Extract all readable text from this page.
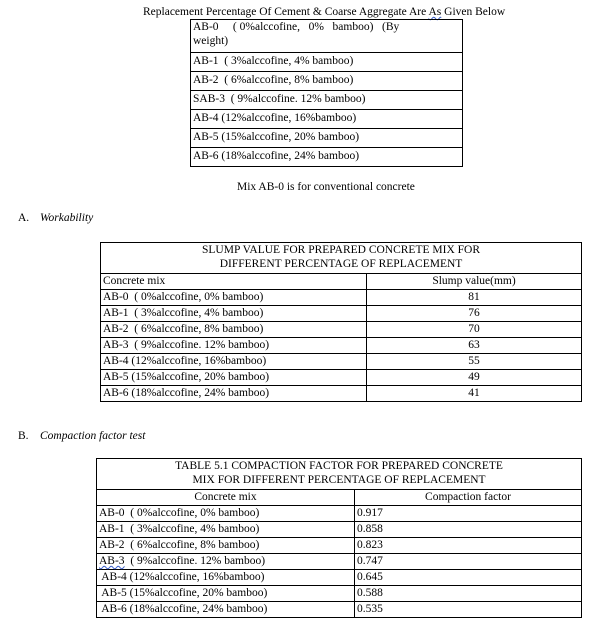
Replacement Percentage Of Cement & Coarse Aggregate Are As Given Below
AB-0     ( 0%alccofine,   0%   bamboo)   (By
weight)
AB-1  ( 3%alccofine, 4% bamboo)
AB-2  ( 6%alccofine, 8% bamboo)
SAB-3  ( 9%alccofine. 12% bamboo)
AB-4 (12%alccofine, 16%bamboo)
AB-5 (15%alccofine, 20% bamboo)
AB-6 (18%alccofine, 24% bamboo)
Mix AB-0 is for conventional concrete
A. Workability
SLUMP VALUE FOR PREPARED CONCRETE MIX FOR
DIFFERENT PERCENTAGE OF REPLACEMENT	
Concrete mix	Slump value(mm)
AB-0  ( 0%alccofine, 0% bamboo)	81
AB-1  ( 3%alccofine, 4% bamboo)	76
AB-2  ( 6%alccofine, 8% bamboo)	70
AB-3  ( 9%alccofine. 12% bamboo)	63
AB-4 (12%alccofine, 16%bamboo)	55
AB-5 (15%alccofine, 20% bamboo)	49
AB-6 (18%alccofine, 24% bamboo)	41
B. Compaction factor test
TABLE 5.1 COMPACTION FACTOR FOR PREPARED CONCRETE
MIX FOR DIFFERENT PERCENTAGE OF REPLACEMENT	
Concrete mix	Compaction factor
AB-0  ( 0%alccofine, 0% bamboo)	0.917
AB-1  ( 3%alccofine, 4% bamboo)	0.858
AB-2  ( 6%alccofine, 8% bamboo)	0.823
AB-3  ( 9%alccofine. 12% bamboo)	0.747
AB-4 (12%alccofine, 16%bamboo)	0.645
AB-5 (15%alccofine, 20% bamboo)	0.588
AB-6 (18%alccofine, 24% bamboo)	0.535
